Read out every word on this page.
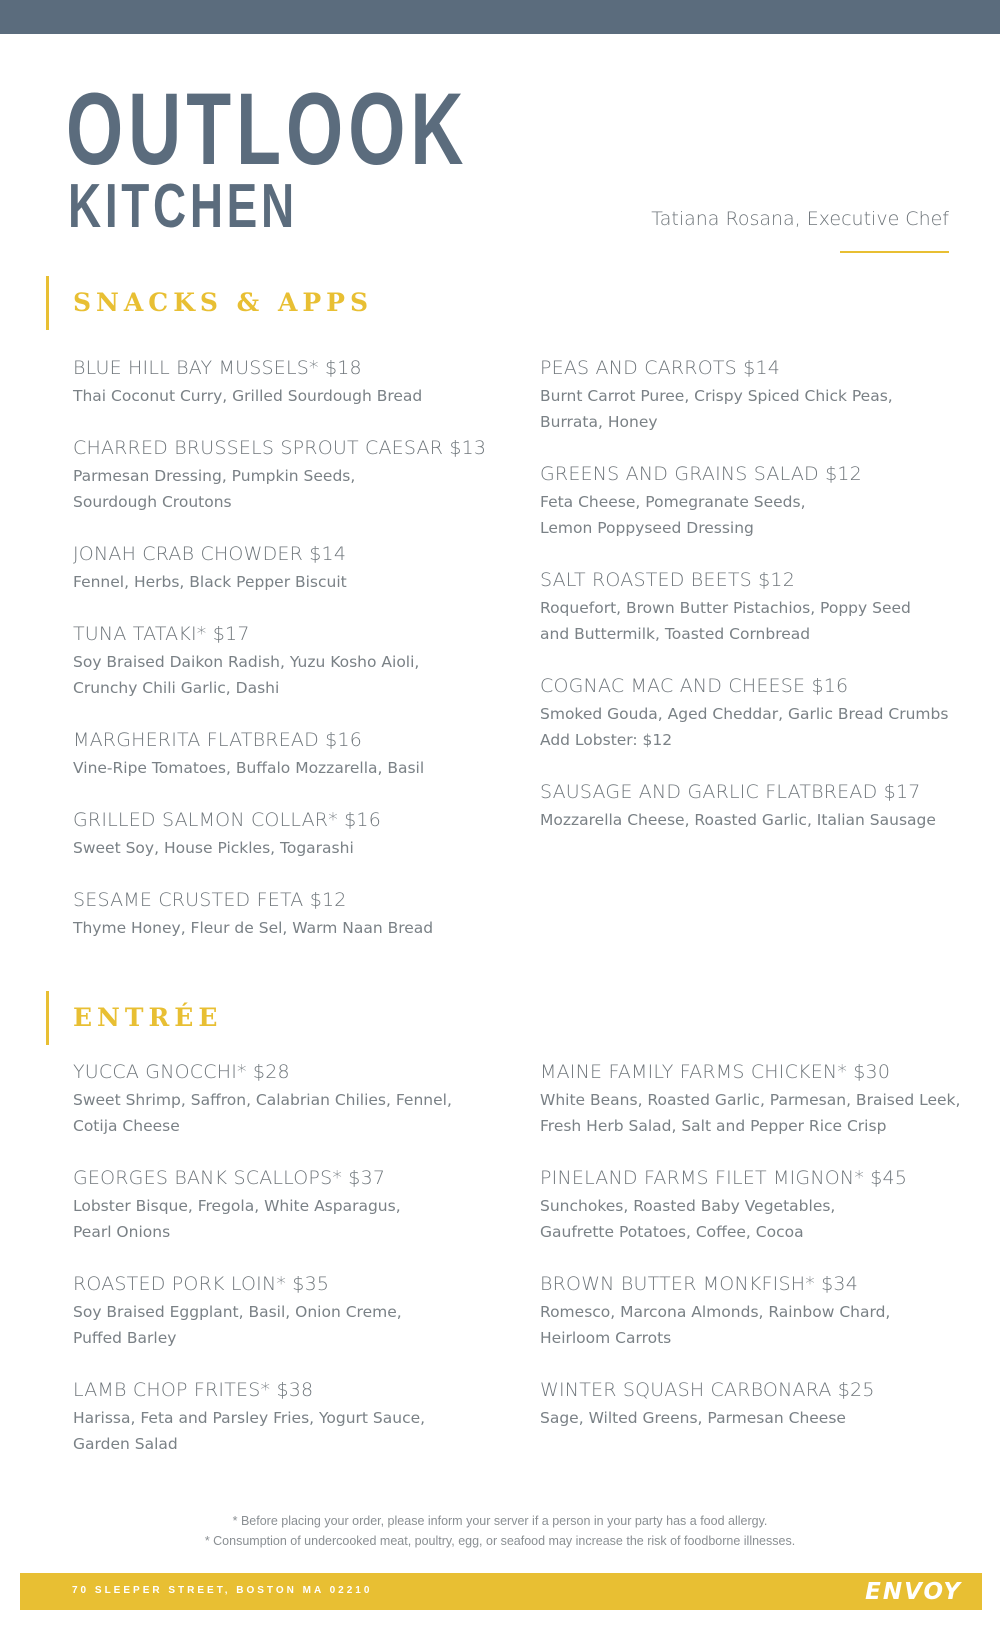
OUTLOOK
KITCHEN	Tatiana Rosana, Executive Chef
SNACKS & APPS
BLUE HILL BAY MUSSELS* $18
Thai Coconut Curry, Grilled Sourdough Bread
CHARRED BRUSSELS SPROUT CAESAR $13
Parmesan Dressing, Pumpkin Seeds,
Sourdough Croutons
JONAH CRAB CHOWDER $14
Fennel, Herbs, Black Pepper Biscuit
TUNA TATAKI* $17
Soy Braised Daikon Radish, Yuzu Kosho Aioli,
Crunchy Chili Garlic, Dashi
MARGHERITA FLATBREAD $16
Vine-Ripe Tomatoes, Buffalo Mozzarella, Basil
GRILLED SALMON COLLAR* $16
Sweet Soy, House Pickles, Togarashi
SESAME CRUSTED FETA $12
Thyme Honey, Fleur de Sel, Warm Naan Bread
PEAS AND CARROTS $14
Burnt Carrot Puree, Crispy Spiced Chick Peas,
Burrata, Honey
GREENS AND GRAINS SALAD $12
Feta Cheese, Pomegranate Seeds,
Lemon Poppyseed Dressing
SALT ROASTED BEETS $12
Roquefort, Brown Butter Pistachios, Poppy Seed
and Buttermilk, Toasted Cornbread
COGNAC MAC AND CHEESE $16
Smoked Gouda, Aged Cheddar, Garlic Bread Crumbs
Add Lobster: $12
SAUSAGE AND GARLIC FLATBREAD $17
Mozzarella Cheese, Roasted Garlic, Italian Sausage
ENTRÉE
YUCCA GNOCCHI* $28
Sweet Shrimp, Saffron, Calabrian Chilies, Fennel,
Cotija Cheese
GEORGES BANK SCALLOPS* $37
Lobster Bisque, Fregola, White Asparagus,
Pearl Onions
ROASTED PORK LOIN* $35
Soy Braised Eggplant, Basil, Onion Creme,
Puffed Barley
LAMB CHOP FRITES* $38
Harissa, Feta and Parsley Fries, Yogurt Sauce,
Garden Salad
MAINE FAMILY FARMS CHICKEN* $30
White Beans, Roasted Garlic, Parmesan, Braised Leek,
Fresh Herb Salad, Salt and Pepper Rice Crisp
PINELAND FARMS FILET MIGNON* $45
Sunchokes, Roasted Baby Vegetables,
Gaufrette Potatoes, Coffee, Cocoa
BROWN BUTTER MONKFISH* $34
Romesco, Marcona Almonds, Rainbow Chard,
Heirloom Carrots
WINTER SQUASH CARBONARA $25
Sage, Wilted Greens, Parmesan Cheese
* Before placing your order, please inform your server if a person in your party has a food allergy.
* Consumption of undercooked meat, poultry, egg, or seafood may increase the risk of foodborne illnesses.
70 SLEEPER STREET, BOSTON MA 02210	ENVOY
